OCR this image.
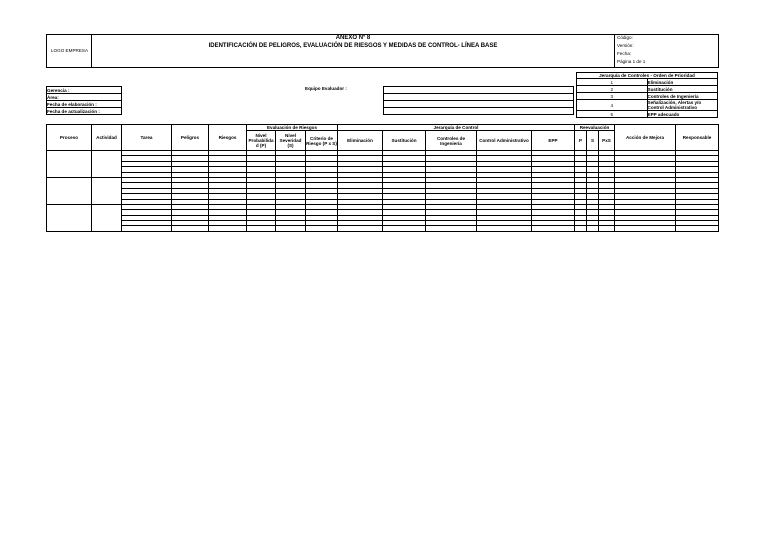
LOGO EMPRESA
ANEXO Nº 8
IDENTIFICACIÓN DE PELIGROS, EVALUACIÓN DE RIESGOS Y MEDIDAS DE CONTROL- LÍNEA BASE
Código:
Versión:
Fecha:
Página 1 de 1
Gerencia :
Área:
Fecha de elaboración :
Fecha de actualización :
Equipo Evaluador :

Jerarquía de Controles - Orden de Prioridad	
1	Eliminación
2	Sustitución
3	Controles de Ingeniería
4	Señalización, Alertas y/o Control Administrativo
5	EPP adecuado
Proceso	Actividad	Tarea	Peligros	Riesgos	Evaluación de Riesgos			Jerarquía de Control					Reevaluación			Acción de Mejora	Responsable
					Nivel Probabilida d (P)	Nivel Severidad (S)	Criterio de Riesgo (P x S)	Eliminación	Sustitución	Controles de Ingeniería	Control Administrativo	EPP	P	S	PxS		
